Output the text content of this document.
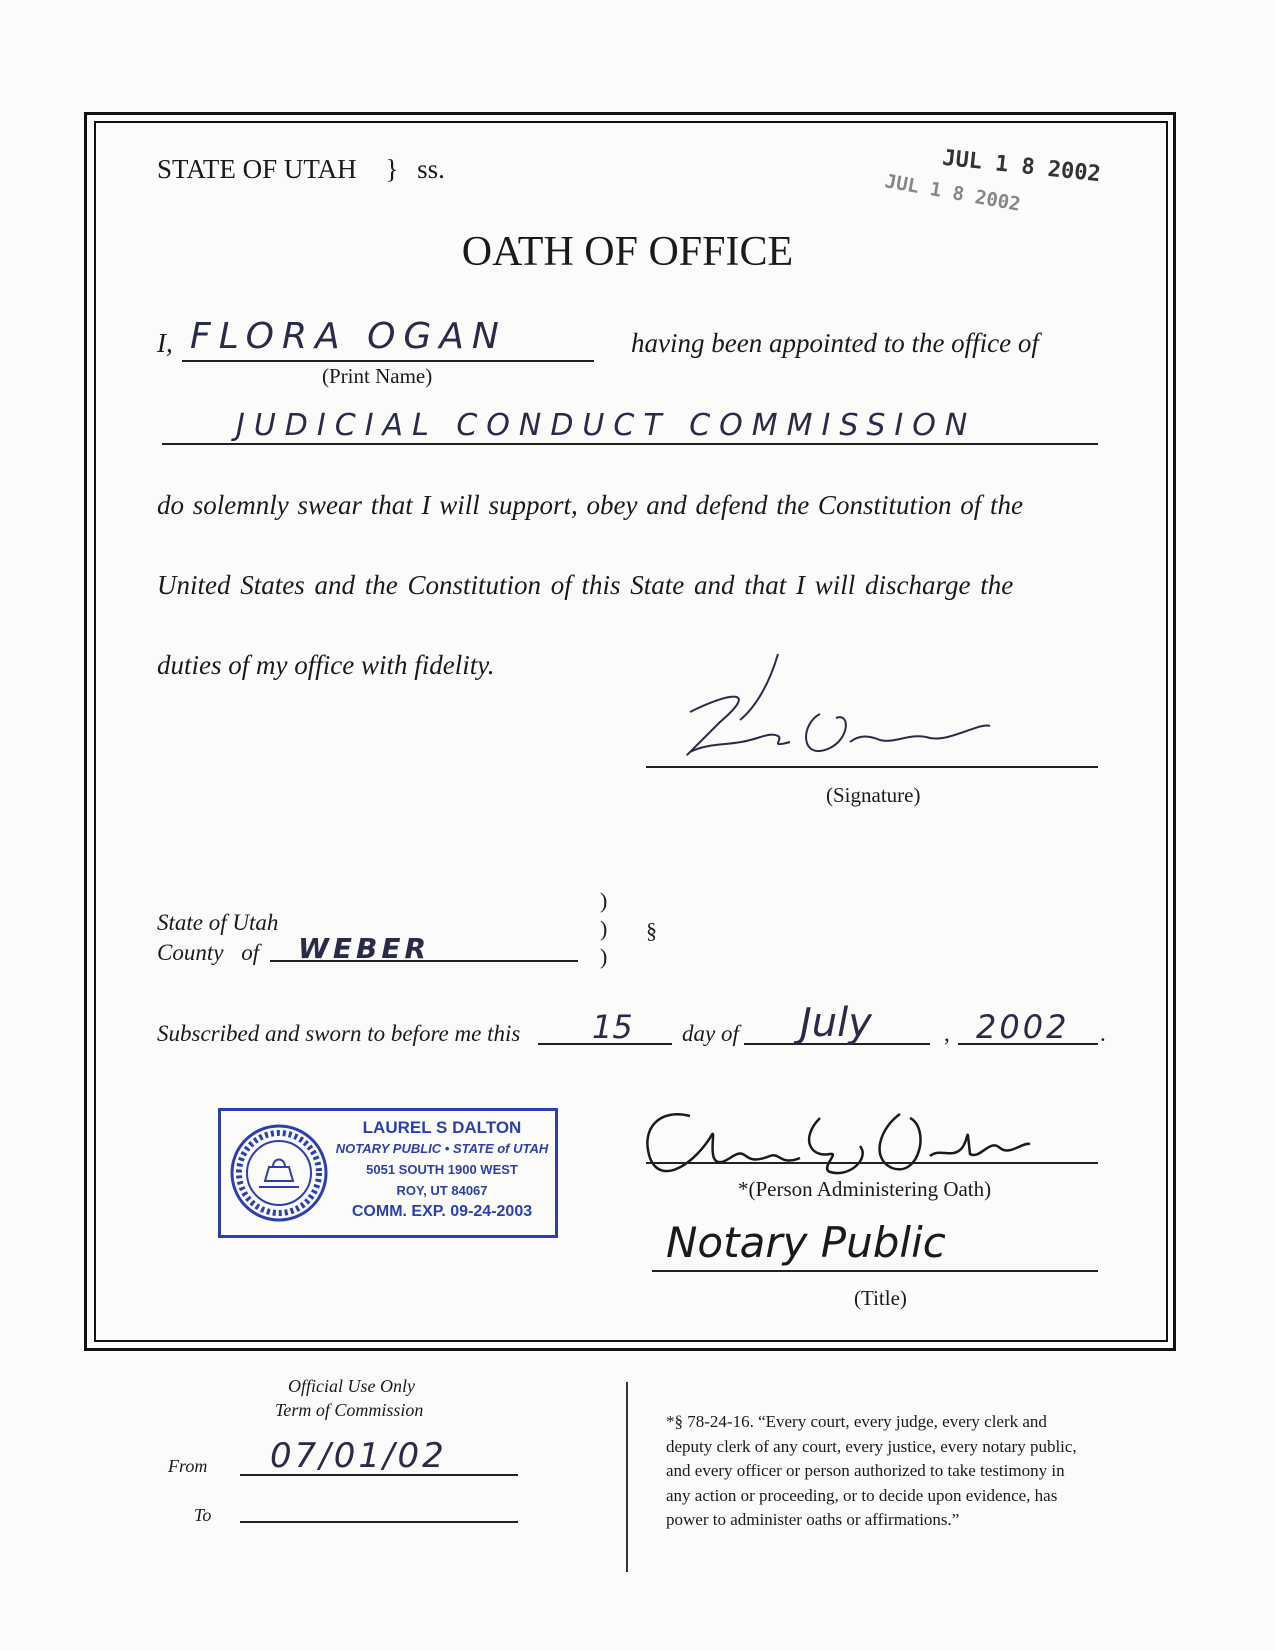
STATE OF UTAH } ss.	JUL 1 8 2002
JUL 1 8 2002
OATH OF OFFICE
I, FLORA OGAN
(Print Name)
having been appointed to the office of
JUDICIAL CONDUCT COMMISSION
do solemnly swear that I will support, obey and defend the Constitution of the
United States and the Constitution of this State and that I will discharge the
duties of my office with fidelity.
(Signature)
State of Utah
County of WEBER
)
)
)
§
Subscribed and sworn to before me this 15 day of July	, 2002 .
LAUREL S DALTON
NOTARY PUBLIC • STATE of UTAH
5051 SOUTH 1900 WEST
ROY, UT 84067
COMM. EXP. 09-24-2003
*(Person Administering Oath)
Notary Public
(Title)
Official Use Only
Term of Commission
From 07/01/02
To
*§ 78-24-16. “Every court, every judge, every clerk and
deputy clerk of any court, every justice, every notary public,
and every officer or person authorized to take testimony in
any action or proceeding, or to decide upon evidence, has
power to administer oaths or affirmations.”
